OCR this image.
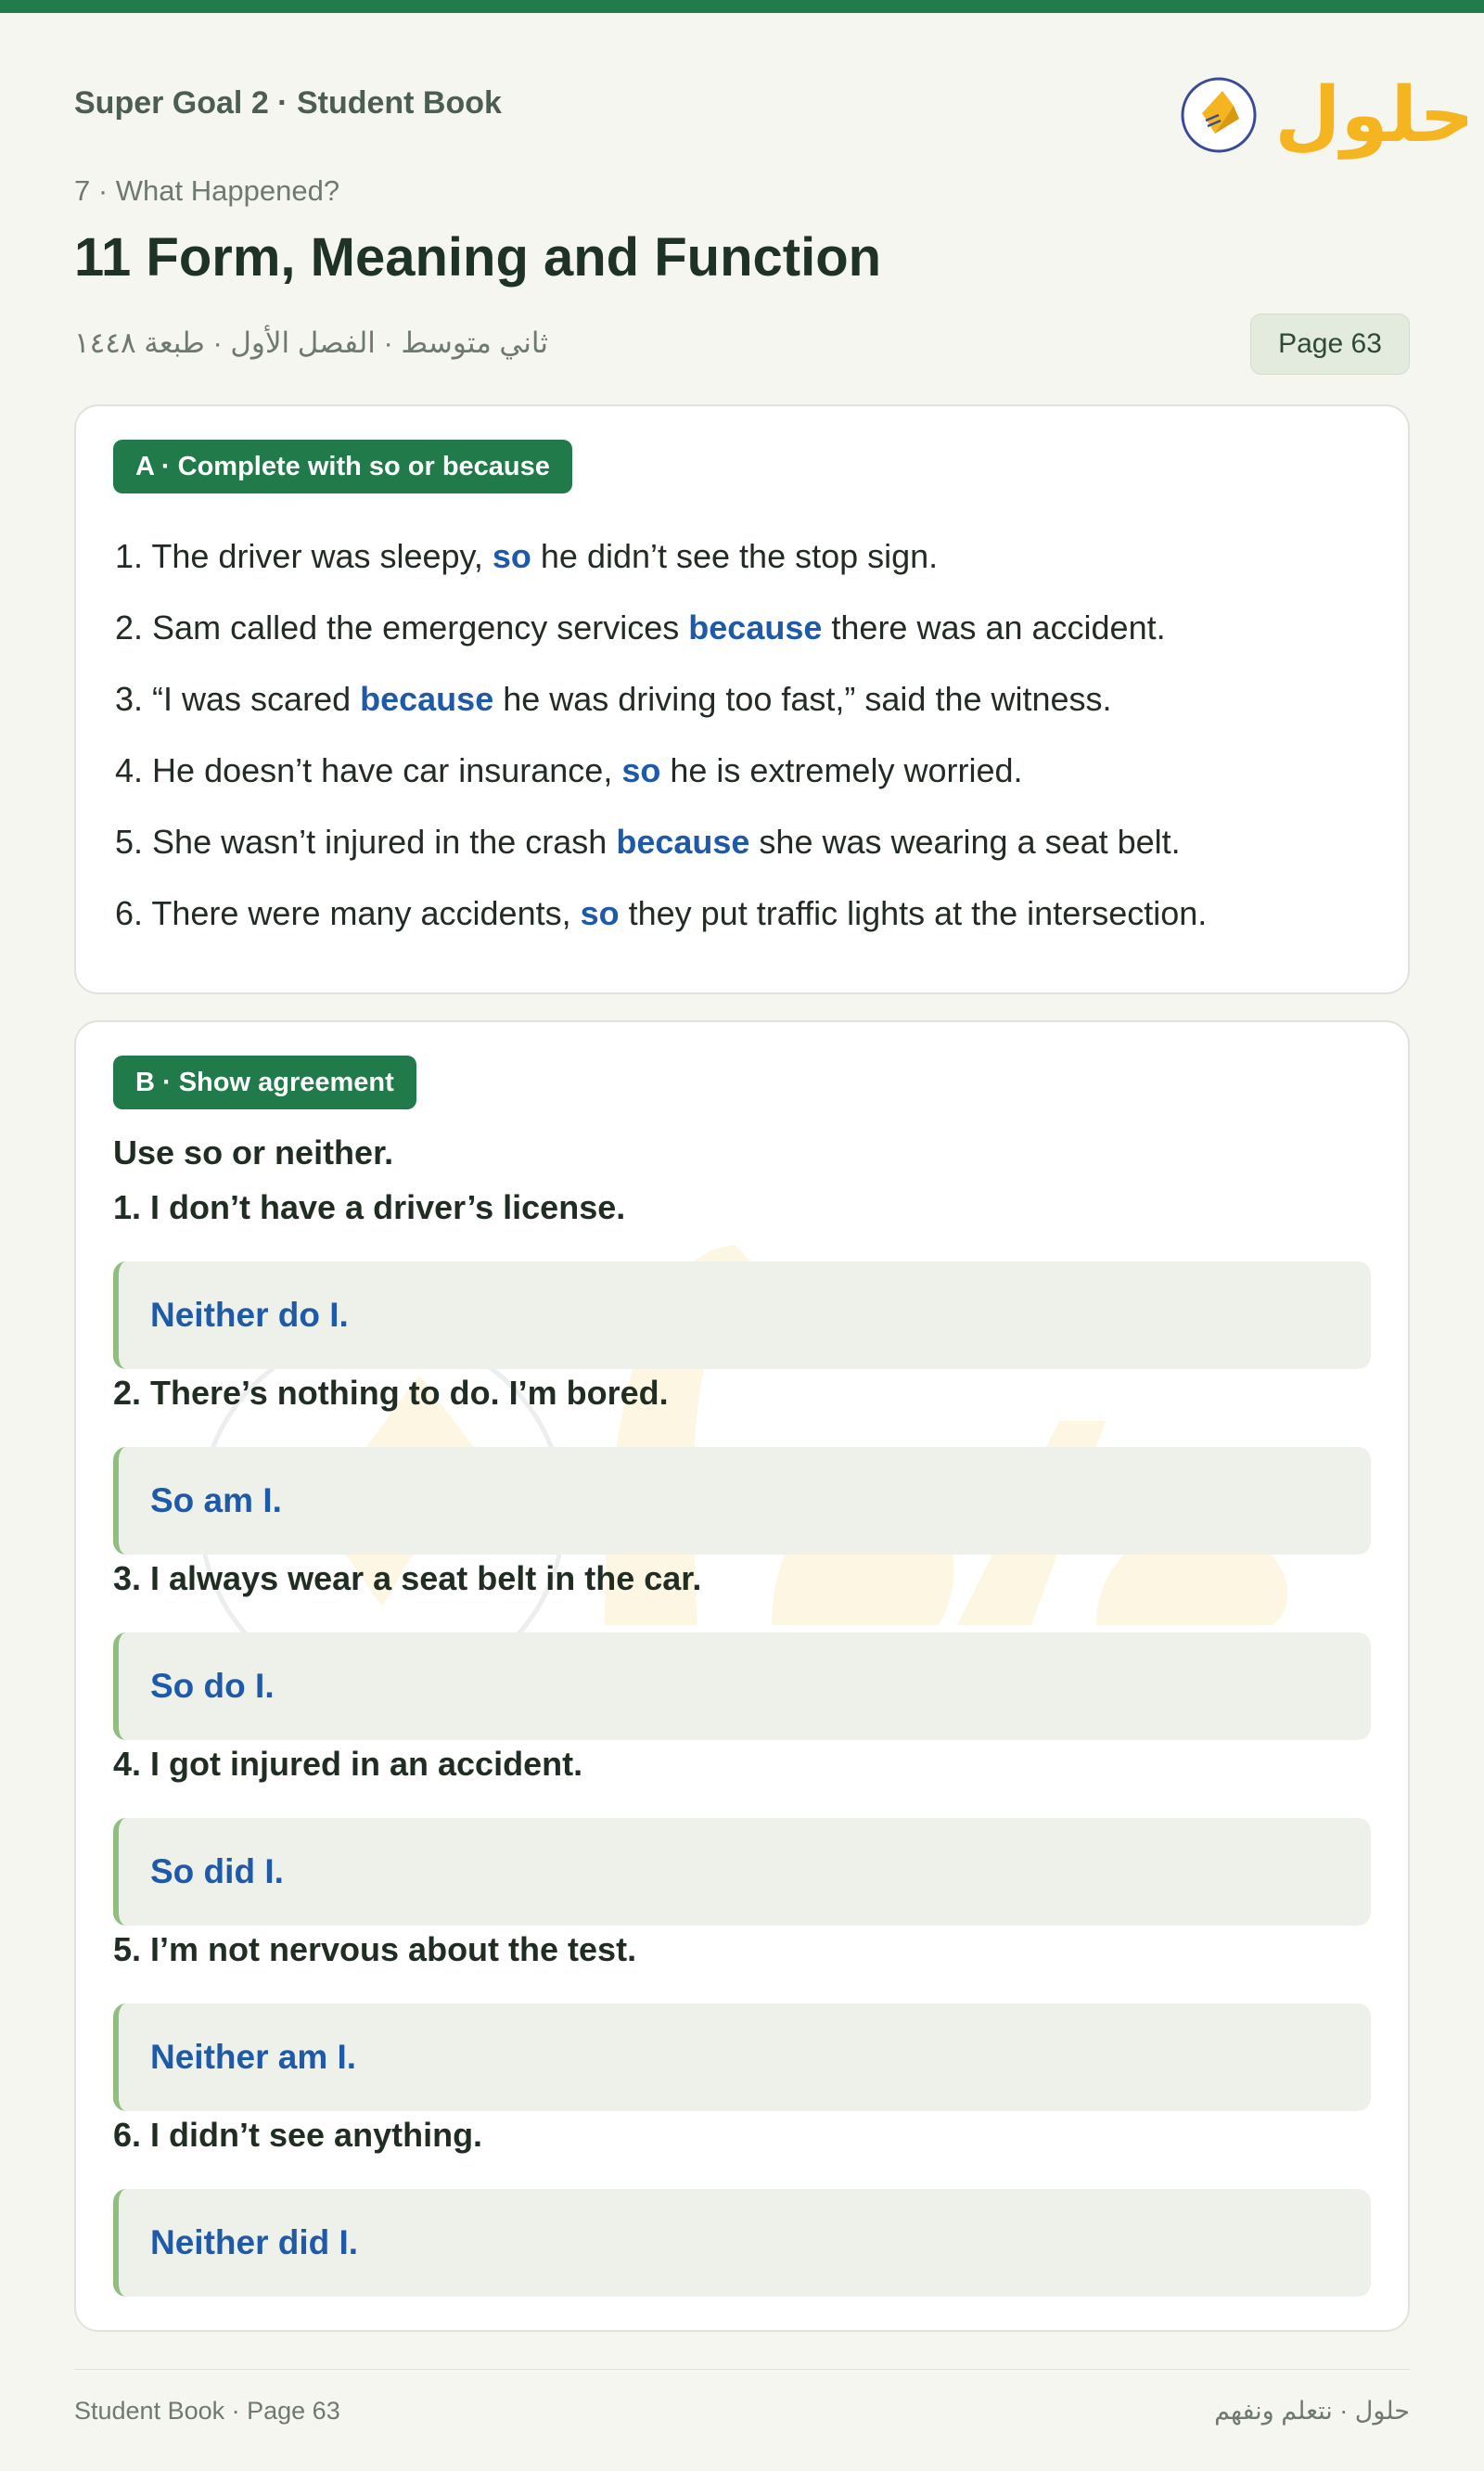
Super Goal 2 · Student Book	حلول
7 · What Happened?
11 Form, Meaning and Function
ثاني متوسط · الفصل الأول · طبعة ١٤٤٨	Page 63
A · Complete with so or because
1. The driver was sleepy, so he didn’t see the stop sign.
2. Sam called the emergency services because there was an accident.
3. “I was scared because he was driving too fast,” said the witness.
4. He doesn’t have car insurance, so he is extremely worried.
5. She wasn’t injured in the crash because she was wearing a seat belt.
6. There were many accidents, so they put traffic lights at the intersection.
B · Show agreement
Use so or neither.
1. I don’t have a driver’s license.
Neither do I.
2. There’s nothing to do. I’m bored.
So am I.
3. I always wear a seat belt in the car.
So do I.
4. I got injured in an accident.
So did I.
5. I’m not nervous about the test.
Neither am I.
6. I didn’t see anything.
Neither did I.
Student Book · Page 63	حلول · نتعلم ونفهم
